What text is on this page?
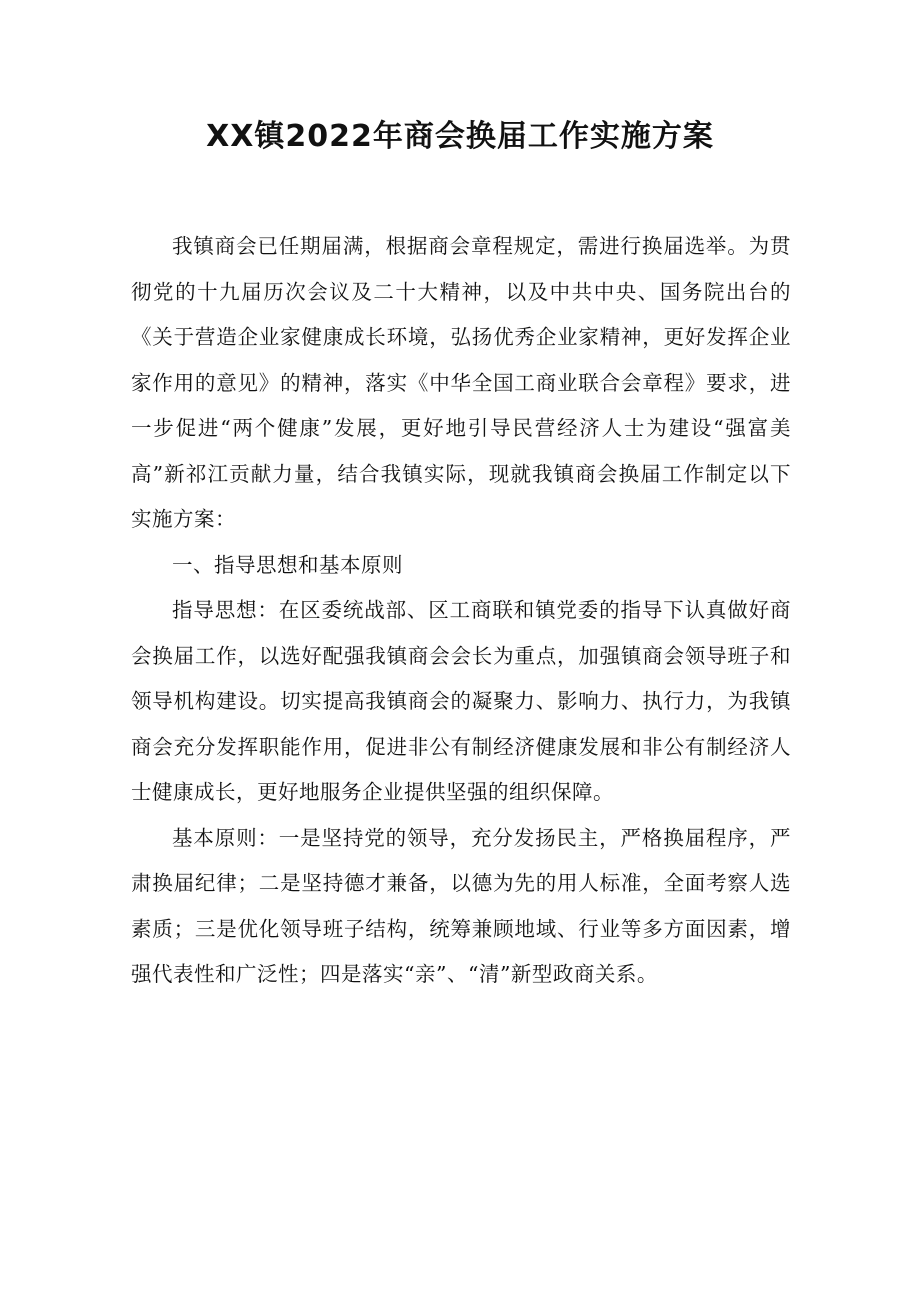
XX镇2022年商会换届工作实施方案

我镇商会已任期届满，根据商会章程规定，需进行换届选举。为贯彻党的十九届历次会议及二十大精神，以及中共中央、国务院出台的《关于营造企业家健康成长环境，弘扬优秀企业家精神，更好发挥企业家作用的意见》的精神，落实《中华全国工商业联合会章程》要求，进一步促进“两个健康”发展，更好地引导民营经济人士为建设“强富美高”新祁江贡献力量，结合我镇实际，现就我镇商会换届工作制定以下实施方案：

一、指导思想和基本原则

指导思想：在区委统战部、区工商联和镇党委的指导下认真做好商会换届工作，以选好配强我镇商会会长为重点，加强镇商会领导班子和领导机构建设。切实提高我镇商会的凝聚力、影响力、执行力，为我镇商会充分发挥职能作用，促进非公有制经济健康发展和非公有制经济人士健康成长，更好地服务企业提供坚强的组织保障。

基本原则：一是坚持党的领导，充分发扬民主，严格换届程序，严肃换届纪律；二是坚持德才兼备，以德为先的用人标准，全面考察人选素质；三是优化领导班子结构，统筹兼顾地域、行业等多方面因素，增强代表性和广泛性；四是落实“亲”、“清”新型政商关系。
